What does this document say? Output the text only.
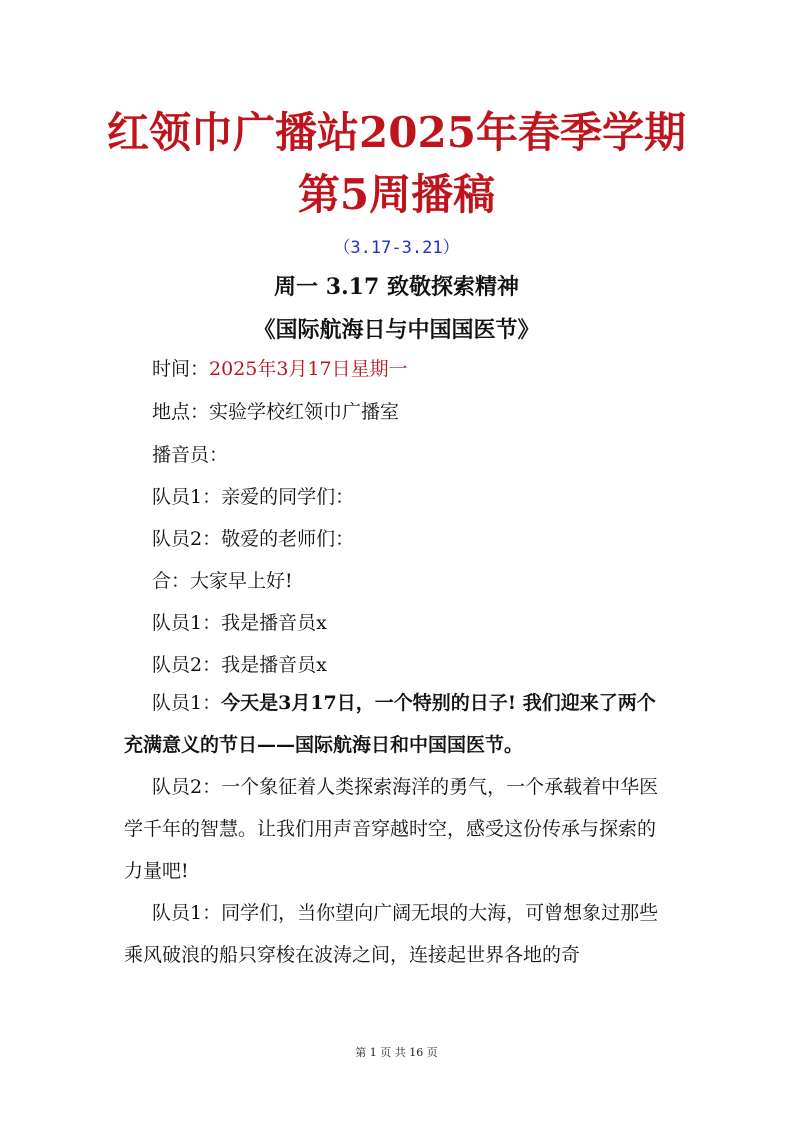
红领巾广播站2025年春季学期
第5周播稿
（3.17-3.21）
周一 3.17 致敬探索精神
《国际航海日与中国国医节》
时间：2025年3月17日星期一
地点：实验学校红领巾广播室
播音员：
队员1：亲爱的同学们：
队员2：敬爱的老师们：
合：大家早上好!
队员1：我是播音员x
队员2：我是播音员x
队员1：今天是3月17日，一个特别的日子! 我们迎来了两个充满意义的节日——国际航海日和中国国医节。
队员2：一个象征着人类探索海洋的勇气，一个承载着中华医学千年的智慧。让我们用声音穿越时空，感受这份传承与探索的力量吧!
队员1：同学们，当你望向广阔无垠的大海，可曾想象过那些乘风破浪的船只穿梭在波涛之间，连接起世界各地的奇
第 1 页 共 16 页
